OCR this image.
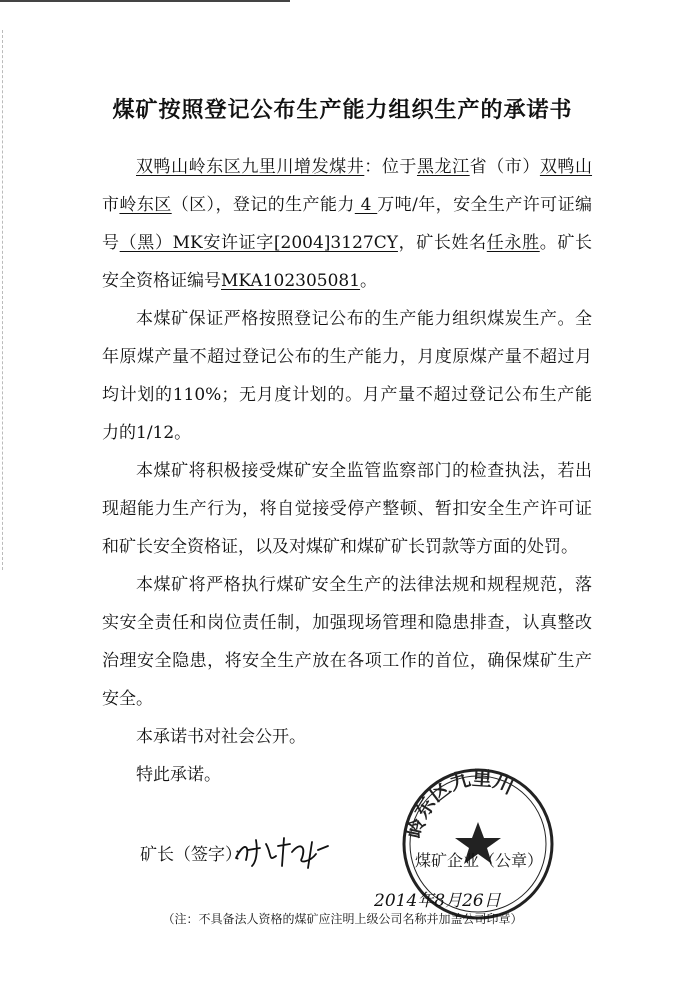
煤矿按照登记公布生产能力组织生产的承诺书

双鸭山岭东区九里川增发煤井：位于黑龙江省（市）双鸭山市岭东区（区），登记的生产能力 4 万吨/年，安全生产许可证编号（黑）MK安许证字[2004]3127CY，矿长姓名任永胜。矿长安全资格证编号MKA102305081。

本煤矿保证严格按照登记公布的生产能力组织煤炭生产。全年原煤产量不超过登记公布的生产能力，月度原煤产量不超过月均计划的110%；无月度计划的。月产量不超过登记公布生产能力的1/12。

本煤矿将积极接受煤矿安全监管监察部门的检查执法，若出现超能力生产行为，将自觉接受停产整顿、暂扣安全生产许可证和矿长安全资格证，以及对煤矿和煤矿矿长罚款等方面的处罚。

本煤矿将严格执行煤矿安全生产的法律法规和规程规范，落实安全责任和岗位责任制，加强现场管理和隐患排查，认真整改治理安全隐患，将安全生产放在各项工作的首位，确保煤矿生产安全。

本承诺书对社会公开。

特此承诺。

矿长（签字）：
岭东区九里川
煤矿企业（公章）
2014年8月26日
（注：不具备法人资格的煤矿应注明上级公司名称并加盖公司印章）
